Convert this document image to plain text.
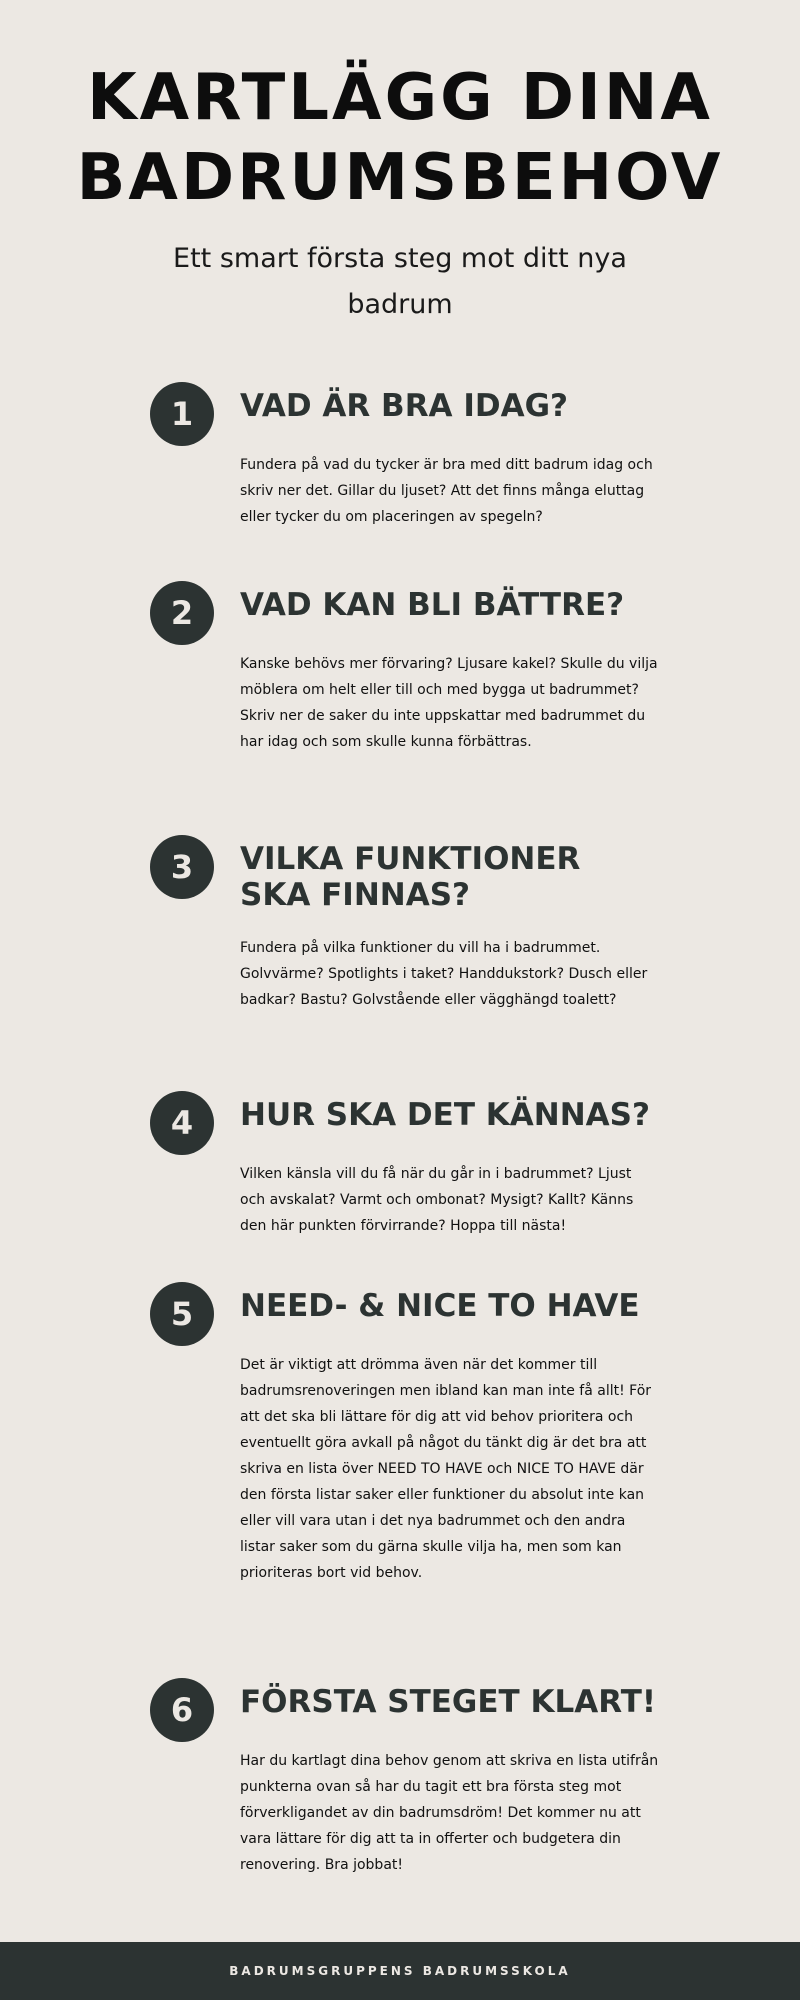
KARTLÄGG DINA
BADRUMSBEHOV

Ett smart första steg mot ditt nya badrum

1	VAD ÄR BRA IDAG?

Fundera på vad du tycker är bra med ditt badrum idag och skriv ner det. Gillar du ljuset? Att det finns många eluttag eller tycker du om placeringen av spegeln?

2	VAD KAN BLI BÄTTRE?

Kanske behövs mer förvaring? Ljusare kakel? Skulle du vilja möblera om helt eller till och med bygga ut badrummet? Skriv ner de saker du inte uppskattar med badrummet du har idag och som skulle kunna förbättras.

3	VILKA FUNKTIONER SKA FINNAS?

Fundera på vilka funktioner du vill ha i badrummet. Golvvärme? Spotlights i taket? Handdukstork? Dusch eller badkar? Bastu? Golvstående eller vägghängd toalett?

4	HUR SKA DET KÄNNAS?

Vilken känsla vill du få när du går in i badrummet? Ljust och avskalat? Varmt och ombonat? Mysigt? Kallt? Känns den här punkten förvirrande? Hoppa till nästa!

5	NEED- & NICE TO HAVE

Det är viktigt att drömma även när det kommer till badrumsrenoveringen men ibland kan man inte få allt! För att det ska bli lättare för dig att vid behov prioritera och eventuellt göra avkall på något du tänkt dig är det bra att skriva en lista över NEED TO HAVE och NICE TO HAVE där den första listar saker eller funktioner du absolut inte kan eller vill vara utan i det nya badrummet och den andra listar saker som du gärna skulle vilja ha, men som kan prioriteras bort vid behov.

6	FÖRSTA STEGET KLART!

Har du kartlagt dina behov genom att skriva en lista utifrån punkterna ovan så har du tagit ett bra första steg mot förverkligandet av din badrumsdröm! Det kommer nu att vara lättare för dig att ta in offerter och budgetera din renovering. Bra jobbat!

BADRUMSGRUPPENS BADRUMSSKOLA
